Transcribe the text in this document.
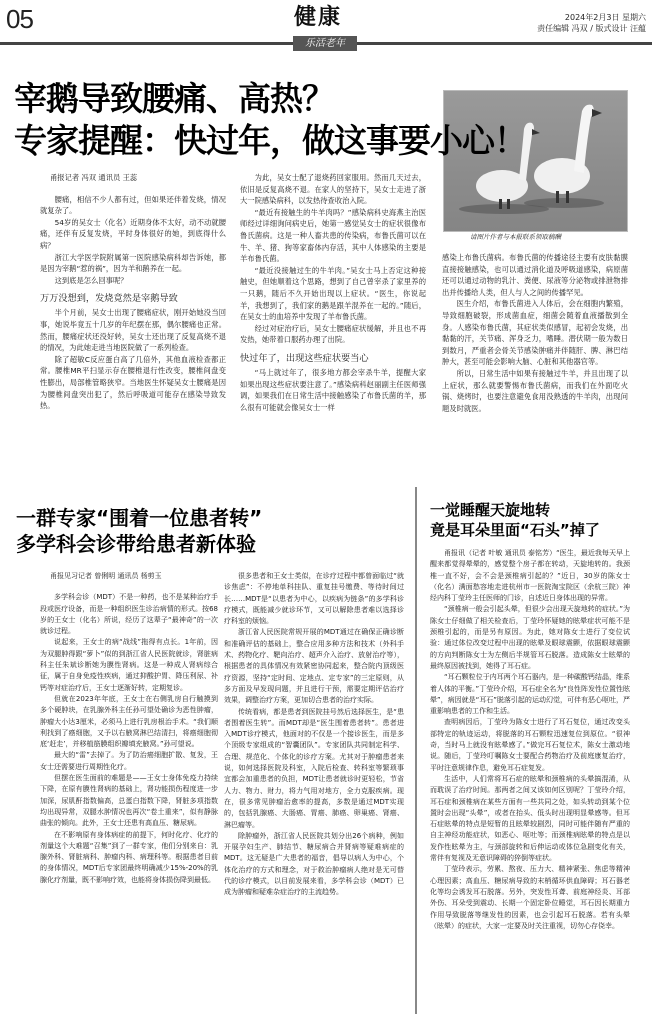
05	健康
乐活老年
2024年2月3日 星期六
责任编辑 冯双 / 版式设计 汪蕴
请图片作者与本报联系领取稿酬
宰鹅导致腰痛、高热？
专家提醒：快过年，做这事要小心！

甬报记者 冯双 通讯员 王蕊

腰痛，相信不少人都有过，但如果还伴着发烧，情况就复杂了。

54岁的吴女士（化名）近期身体不太好，动不动就腰痛，还伴有反复发烧，平时身体很好的她，到底得什么病？

浙江大学医学院附属第一医院感染病科却告诉她，都是因为宰鹅“惹的祸”，因为羊和鹅养在一起。

这到底是怎么回事呢？

万万没想到，发烧竟然是宰鹅导致

半个月前，吴女士出现了腰痛症状，刚开始她没当回事，她说毕竟五十几岁的年纪摆在那，偶尔腰痛也正常。然而，腰痛症状还没好转，吴女士还出现了反复高烧不退的情况，为此她走进当地医院做了一系列检查。

除了超敏C反应蛋白高了几倍外，其他血液检查都正常。腰椎MR平扫显示存在腰椎退行性改变，腰椎间盘变性膨出，局部椎管略狭窄。当地医生怀疑吴女士腰痛是因为腰椎间盘突出犯了，然后呼吸道可能存在感染导致发热。

为此，吴女士配了退烧药回家服用。然而几天过去，依旧是反复高烧不退。在家人的坚持下，吴女士走进了浙大一院感染病科，以发热待查收治入院。

“最近有接触生的牛羊肉吗？”感染病科史海燕主治医师经过详细询问病史后，她第一感觉吴女士的症状很像布鲁氏菌病。这是一种人畜共患的传染病，布鲁氏菌可以在牛、羊、猪、狗等家畜体内存活，其中人体感染的主要是羊布鲁氏菌。

“最近没接触过生的牛羊肉。”吴女士马上否定这种接触史，但她顺着这个思路，想到了自己曾宰杀了家里养的一只鹅，随后不久开始出现以上症状。“医生，你说起羊，我想到了，我们家的鹅是跟羊混养在一起的。”随后，在吴女士的血培养中发现了羊布鲁氏菌。

经过对症治疗后，吴女士腰痛症状缓解，并且也不再发热，她带着口服药办理了出院。

快过年了，出现这些症状要当心

“马上就过年了，很多地方都会宰杀牛羊，提醒大家如果出现这些症状要注意了。”感染病科赵丽副主任医师强调，如果我们在日常生活中接触感染了布鲁氏菌的羊，那么很有可能就会像吴女士一样

感染上布鲁氏菌病。布鲁氏菌的传播途径主要有皮肤黏膜直接接触感染，也可以通过消化道及呼吸道感染，病原菌还可以通过动物的乳汁、粪便、尿液等分泌物或排泄物排出并传播给人类，但人与人之间的传播罕见。

医生介绍，布鲁氏菌进入人体后，会在细胞内繁殖，导致细胞破裂，形成菌血症，细菌会随着血液播散到全身。人感染布鲁氏菌，其症状类似感冒，起初会发烧，出黏黏的汗，关节痛、浑身乏力，嗜睡。潜伏期一般为数日到数月，严重者会骨关节感染肿痛并伴随肝、脾、淋巴结肿大，甚至可能会影响大脑、心脏和其他器官等。

所以，日常生活中如果有接触过牛羊，并且出现了以上症状，那么就要警惕布鲁氏菌病，而我们在外面吃火锅、烧烤时，也要注意避免食用没熟透的牛羊肉，出现问题及时就医。

一群专家“围着一位患者转”
多学科会诊带给患者新体验

甬报见习记者 曾俐明 通讯员 杨剪玉

多学科会诊（MDT）不是一种药，也不是某种治疗手段或医疗设备，而是一种组织医生诊治病情的形式。按68岁的王女士（化名）所说，经历了这辈子“最神奇”的一次就诊过程。

说起来，王女士的病“战线”拖得有点长。1年前，因为双腿肿得跟“萝卜”似的到浙江省人民医院就诊，肾脏病科主任朱斌诊断她为膜性肾病。这是一种成人肾病综合征，属于自身免疫性疾病，通过抑酸护胃、降压利尿、补钙等对症治疗后，王女士逐渐好转，定期复诊。

但就在2023年年底，王女士在右侧乳房自行触摸到多个硬肿块，在乳腺外科主任孙可望处确诊为恶性肿瘤，肿瘤大小达3厘米，必须马上进行乳房根治手术。“我们顺利找到了癌细胞，又予以右腋窝淋巴结清扫，将癌细胞彻底‘赶走’，并移植筋膜组织瓣填充腋窝。”孙可望说。

最大的“雷”去掉了。为了防治癌细胞扩散、复发，王女士还需要进行周期性化疗。

但摆在医生面前的难题是——王女士身体免疫力持续下降，在原有膜性肾病的基础上，肾功能损伤程度进一步加深，尿肌酐指数偏高，总蛋白指数下降，肾脏多项指数均出现异常，双腿水肿情况也再次“卷土重来”，似有静脉曲张的倾向。此外，王女士还患有高血压、糖尿病。

在不影响原有身体病症的前提下，何时化疗、化疗的剂量这个大难题“召集”到了一群专家，他们分别来自：乳腺外科、肾脏病科、肿瘤内科、病理科等。根据患者目前的身体情况，MDT后专家团最终明确减少15%-20%的乳腺化疗剂量，既不影响疗效，也能将身体损伤降到最低。

很多患者和王女士类似，在诊疗过程中都曾面临过“就诊焦虑”：不停地单科挂队、重复挂号缴费、等待时间过长……MDT是“以患者为中心，以疾病为链条”的多学科诊疗模式，既能减少就诊环节，又可以解除患者难以选择诊疗科室的烦恼。

浙江省人民医院常规开展的MDT通过在确保正确诊断和准确评估的基础上，整合应用多种方法和技术（外科手术、药物化疗、靶向治疗、超声介入治疗、放射治疗等），根据患者的具体情况有效紧密协同起来，整合院内顶级医疗资源，坚持“定时间、定地点、定专家”的三定原则，从多方面及早发现问题，并且进行干预，需要定期评估治疗效果，调整治疗方案，更加切合患者的治疗实际。

传统看病，都是患者到医院挂号然后选择医生，是“患者围着医生转”。而MDT却是“医生围着患者转”。患者进入MDT诊疗模式，他面对的不仅是一个接诊医生，而是多个顶级专家组成的“智囊团队”。专家团队共同制定科学、合理、规范化、个体化的诊疗方案。尤其对于肿瘤患者来说，如何选择医院及科室，入院后检查、转科室等繁琐事宜都会加重患者的负担，MDT让患者就诊时更轻松，节省人力、物力、财力，将力气用对地方，全力克服疾病。现在，很多常见肿瘤治愈率的提高，多数是通过MDT实现的，包括乳腺癌、大肠癌、胃癌、肺癌、卵巢癌、肾癌、淋巴瘤等。

除肿瘤外，浙江省人民医院共划分出26个病种，例如开展孕妇生产、肺结节、糖尿病合并肾病等疑难病症的MDT。这无疑是广大患者的福音，倡导以病人为中心，个体化治疗的方式和理念，对于救治肿瘤病人绝对是无可替代的诊疗模式，以目前发展来看，多学科会诊（MDT）已成为肿瘤和疑难杂症治疗的主流趋势。

一觉睡醒天旋地转
竟是耳朵里面“石头”掉了

甬报讯（记者 叶敏 通讯员 泰铭芳）“医生，最近我每天早上醒来都觉得晕晕的，感觉整个房子都在转动，天旋地转的。我颈椎一直不好，会不会是颈椎病引起的？”近日，30岁的陈女士（化名）满面愁容地走进杭州市一医院淘宝院区（余杭三院）神经内科丁莹玲主任医师的门诊，自述近日身体出现的异常。

“颈椎病一般会引起头晕，但很少会出现天旋地转的症状。”为陈女士仔细做了相关检查后，丁莹玲怀疑她的眩晕症状可能不是颈椎引起的，而是另有原因。为此，她对陈女士进行了变位试验：通过体位改变过程中出现的眩晕及眼球震颤，依据眼球震颤的方向判断陈女士为左侧后半规管耳石脱落。造成陈女士眩晕的最终原因被找到，她得了耳石症。

“耳石颗粒位于内耳两个耳石器内，是一种碳酸钙结晶，维系着人体的平衡。”丁莹玲介绍，耳石症全名为“良性阵发性位置性眩晕”，病因就是“耳石”脱落引起的运动幻觉，可伴有恶心呕吐，严重影响患者的工作和生活。

查明病因后，丁莹玲为陈女士进行了耳石复位，通过改变头部特定的轨迹运动，将脱落的耳石颗粒迅速复位到原位。“很神奇，当时马上就没有眩晕感了。”做完耳石复位术，陈女士激动地说。随后，丁莹玲叮嘱陈女士要配合药物治疗及前庭康复治疗，平时注意规律作息，避免耳石症复发。

生活中，人们常将耳石症的眩晕和颈椎病的头晕搞混淆，从而耽误了治疗时间。那两者之间又该如何区别呢？丁莹玲介绍，耳石症和颈椎病在某些方面有一些共同之处，如头转动到某个位置时会出现“头晕”，或者在抬头、低头时出现明显晕感等。但耳石症眩晕的特点是短暂的且眩晕较剧烈，同时可能伴随有严重的自主神经功能症状，如恶心、呕吐等；而颈椎病眩晕的特点是以发作性眩晕为主，与颈部旋转和后伸运动或体位急剧变化有关，常伴有复视及无意识障碍的猝倒等症状。

丁莹玲表示，劳累、熬夜、压力大、精神紧张、焦虑等精神心理因素；高血压、糖尿病导致的末梢循环供血障碍；耳石器老化等均会诱发耳石脱落。另外，突发性耳聋、前庭神经炎、耳部外伤、耳朵受到震动、长期一个固定卧位睡觉，耳石因长期重力作用导致脱落等继发性的因素，也会引起耳石脱落。若有头晕（眩晕）的症状，大家一定要及时关注重视，切勿心存侥幸。
